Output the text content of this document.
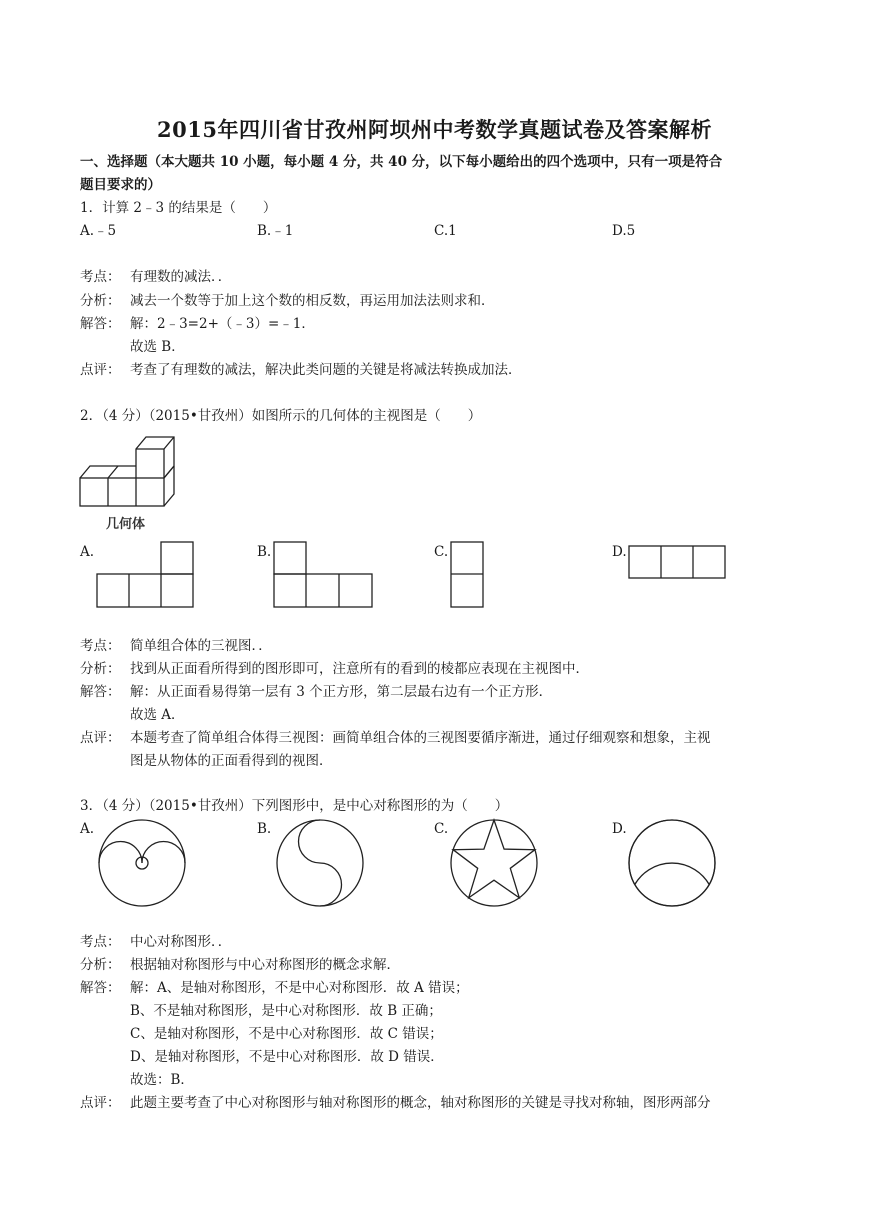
2015年四川省甘孜州阿坝州中考数学真题试卷及答案解析
一、选择题（本大题共 10 小题，每小题 4 分，共 40 分，以下每小题给出的四个选项中，只有一项是符合
题目要求的）
1．计算 2﹣3 的结果是（　　）
A.﹣5	B.﹣1	C.1	D.5
考点： 有理数的减法．．
分析： 减去一个数等于加上这个数的相反数，再运用加法法则求和．
解答： 解：2﹣3=2+（﹣3）=﹣1．
故选 B．
点评： 考查了有理数的减法，解决此类问题的关键是将减法转换成加法．
2．（4 分）（2015•甘孜州）如图所示的几何体的主视图是（　　）
几何体
A.	B.	C.	D.
考点： 简单组合体的三视图．．
分析： 找到从正面看所得到的图形即可，注意所有的看到的棱都应表现在主视图中．
解答： 解：从正面看易得第一层有 3 个正方形，第二层最右边有一个正方形．
故选 A．
点评： 本题考查了简单组合体得三视图：画简单组合体的三视图要循序渐进，通过仔细观察和想象，主视
图是从物体的正面看得到的视图．
3．（4 分）（2015•甘孜州）下列图形中，是中心对称图形的为（　　）
A.	B.	C.	D.
考点： 中心对称图形．．
分析： 根据轴对称图形与中心对称图形的概念求解．
解答： 解：A、是轴对称图形，不是中心对称图形．故 A 错误；
B、不是轴对称图形，是中心对称图形．故 B 正确；
C、是轴对称图形，不是中心对称图形．故 C 错误；
D、是轴对称图形，不是中心对称图形．故 D 错误．
故选：B．
点评： 此题主要考查了中心对称图形与轴对称图形的概念，轴对称图形的关键是寻找对称轴，图形两部分
